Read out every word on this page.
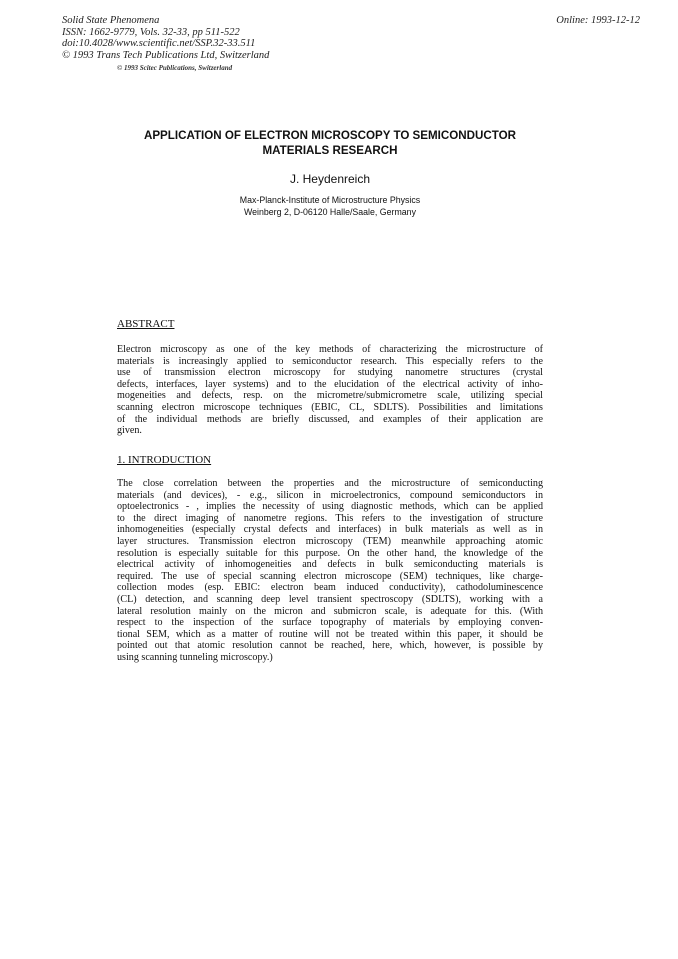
Solid State Phenomena
ISSN: 1662-9779, Vols. 32-33, pp 511-522
doi:10.4028/www.scientific.net/SSP.32-33.511
© 1993 Trans Tech Publications Ltd, Switzerland
Online: 1993-12-12
© 1993 Scitec Publications, Switzerland
APPLICATION OF ELECTRON MICROSCOPY TO SEMICONDUCTOR
MATERIALS RESEARCH
J. Heydenreich
Max-Planck-Institute of Microstructure Physics
Weinberg 2, D-06120 Halle/Saale, Germany
ABSTRACT
Electron microscopy as one of the key methods of characterizing the microstructure of
materials is increasingly applied to semiconductor research. This especially refers to the
use of transmission electron microscopy for studying nanometre structures (crystal
defects, interfaces, layer systems) and to the elucidation of the electrical activity of inho-
mogeneities and defects, resp. on the micrometre/submicrometre scale, utilizing special
scanning electron microscope techniques (EBIC, CL, SDLTS). Possibilities and limitations
of the individual methods are briefly discussed, and examples of their application are
given.
1. INTRODUCTION
The close correlation between the properties and the microstructure of semiconducting
materials (and devices), - e.g., silicon in microelectronics, compound semiconductors in
optoelectronics - , implies the necessity of using diagnostic methods, which can be applied
to the direct imaging of nanometre regions. This refers to the investigation of structure
inhomogeneities (especially crystal defects and interfaces) in bulk materials as well as in
layer structures. Transmission electron microscopy (TEM) meanwhile approaching atomic
resolution is especially suitable for this purpose. On the other hand, the knowledge of the
electrical activity of inhomogeneities and defects in bulk semiconducting materials is
required. The use of special scanning electron microscope (SEM) techniques, like charge-
collection modes (esp. EBIC: electron beam induced conductivity), cathodoluminescence
(CL) detection, and scanning deep level transient spectroscopy (SDLTS), working with a
lateral resolution mainly on the micron and submicron scale, is adequate for this. (With
respect to the inspection of the surface topography of materials by employing conven-
tional SEM, which as a matter of routine will not be treated within this paper, it should be
pointed out that atomic resolution cannot be reached, here, which, however, is possible by
using scanning tunneling microscopy.)
